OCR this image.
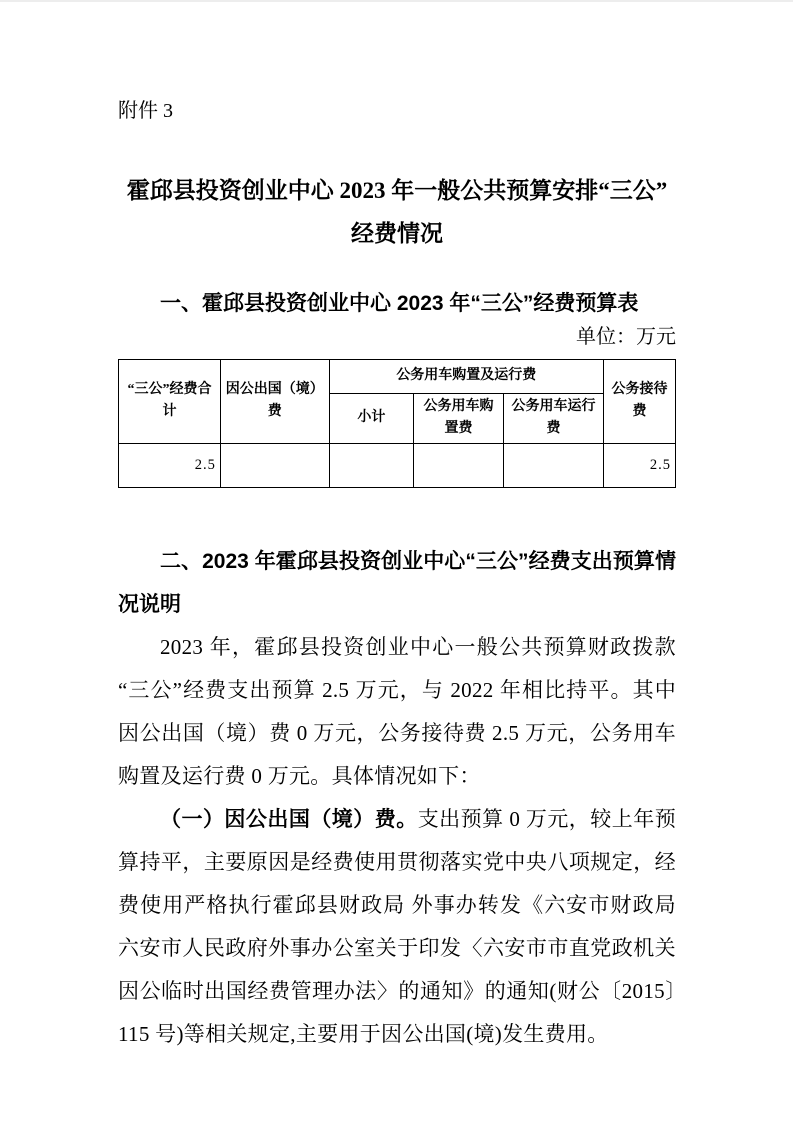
附件 3

霍邱县投资创业中心 2023 年一般公共预算安排“三公”经费情况
一、霍邱县投资创业中心 2023 年“三公”经费预算表

单位：万元

“三公”经费合计	因公出国（境）费	公务用车购置及运行费			公务接待费
		小计	公务用车购置费	公务用车运行费	
2.5					2.5
二、2023 年霍邱县投资创业中心“三公”经费支出预算情况说明

2023 年，霍邱县投资创业中心一般公共预算财政拨款“三公”经费支出预算 2.5 万元，与 2022 年相比持平。其中因公出国（境）费 0 万元，公务接待费 2.5 万元，公务用车购置及运行费 0 万元。具体情况如下：

（一）因公出国（境）费。支出预算 0 万元，较上年预算持平，主要原因是经费使用贯彻落实党中央八项规定，经费使用严格执行霍邱县财政局 外事办转发《六安市财政局六安市人民政府外事办公室关于印发〈六安市市直党政机关因公临时出国经费管理办法〉的通知》的通知(财公〔2015〕115 号)等相关规定,主要用于因公出国(境)发生费用。
